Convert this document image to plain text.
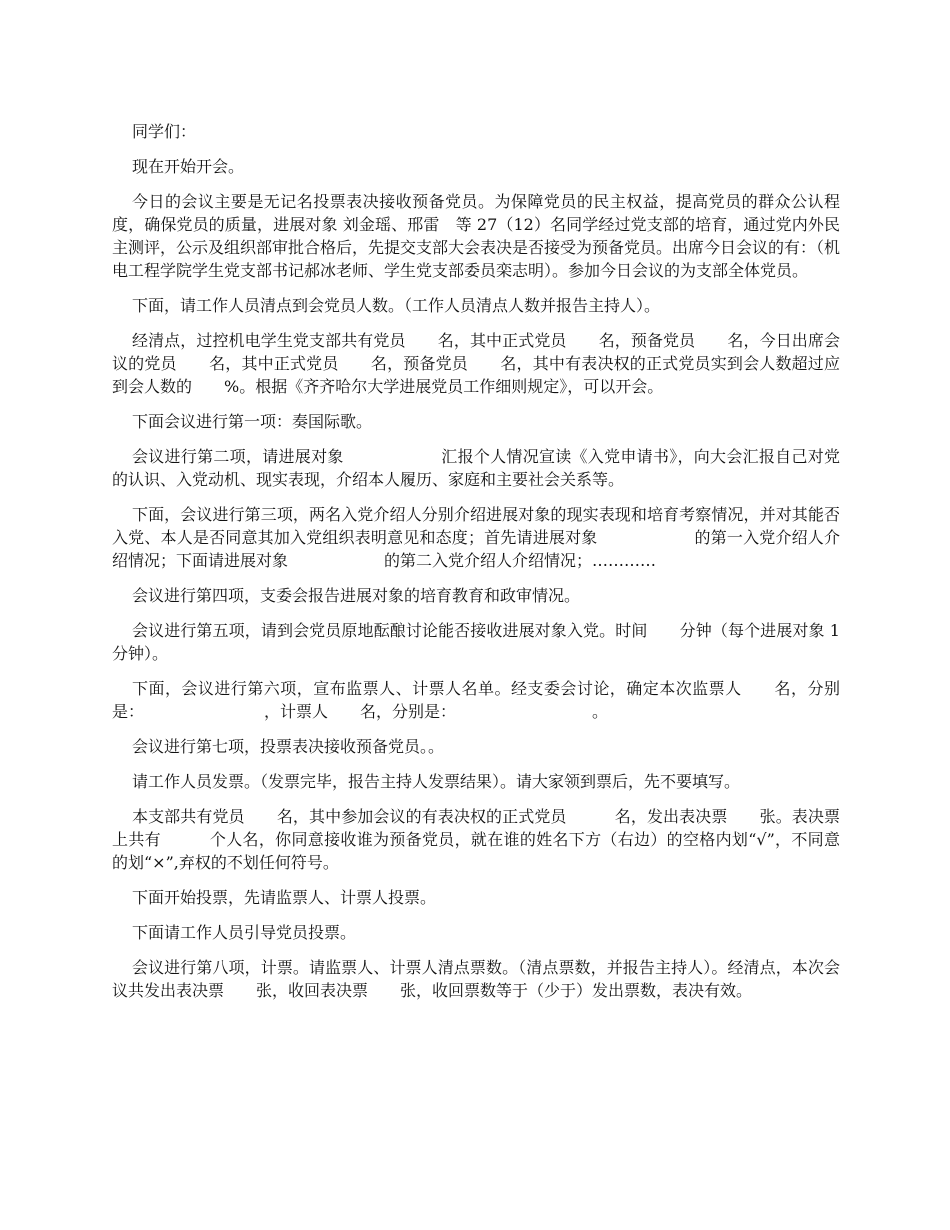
同学们：

现在开始开会。

今日的会议主要是无记名投票表决接收预备党员。为保障党员的民主权益，提高党员的群众公认程度，确保党员的质量，进展对象 刘金瑶、邢雷　等 27（12）名同学经过党支部的培育，通过党内外民主测评，公示及组织部审批合格后，先提交支部大会表决是否接受为预备党员。出席今日会议的有：（机电工程学院学生党支部书记郝冰老师、学生党支部委员栾志明）。参加今日会议的为支部全体党员。

下面，请工作人员清点到会党员人数。（工作人员清点人数并报告主持人）。

经清点，过控机电学生党支部共有党员　　名，其中正式党员　　名，预备党员　　名，今日出席会议的党员　　名，其中正式党员　　名，预备党员　　名，其中有表决权的正式党员实到会人数超过应到会人数的　　%。根据《齐齐哈尔大学进展党员工作细则规定》，可以开会。

下面会议进行第一项：奏国际歌。

会议进行第二项，请进展对象　　　　　　汇报个人情况宣读《入党申请书》，向大会汇报自己对党的认识、入党动机、现实表现，介绍本人履历、家庭和主要社会关系等。

下面，会议进行第三项，两名入党介绍人分别介绍进展对象的现实表现和培育考察情况，并对其能否入党、本人是否同意其加入党组织表明意见和态度；首先请进展对象　　　　　　的第一入党介绍人介绍情况；下面请进展对象　　　　　　的第二入党介绍人介绍情况；…………

会议进行第四项，支委会报告进展对象的培育教育和政审情况。

会议进行第五项，请到会党员原地酝酿讨论能否接收进展对象入党。时间　　分钟（每个进展对象 1 分钟）。

下面，会议进行第六项，宣布监票人、计票人名单。经支委会讨论，确定本次监票人　　名，分别是：　　　　　　　　，计票人　　名，分别是：　　　　　　　　　。

会议进行第七项，投票表决接收预备党员。。

请工作人员发票。（发票完毕，报告主持人发票结果）。请大家领到票后，先不要填写。

本支部共有党员　　名，其中参加会议的有表决权的正式党员　　　名，发出表决票　　张。表决票上共有　　　个人名，你同意接收谁为预备党员，就在谁的姓名下方（右边）的空格内划“√”，不同意的划“×”,弃权的不划任何符号。

下面开始投票，先请监票人、计票人投票。

下面请工作人员引导党员投票。

会议进行第八项，计票。请监票人、计票人清点票数。（清点票数，并报告主持人）。经清点，本次会议共发出表决票　　张，收回表决票　　张，收回票数等于（少于）发出票数，表决有效。
